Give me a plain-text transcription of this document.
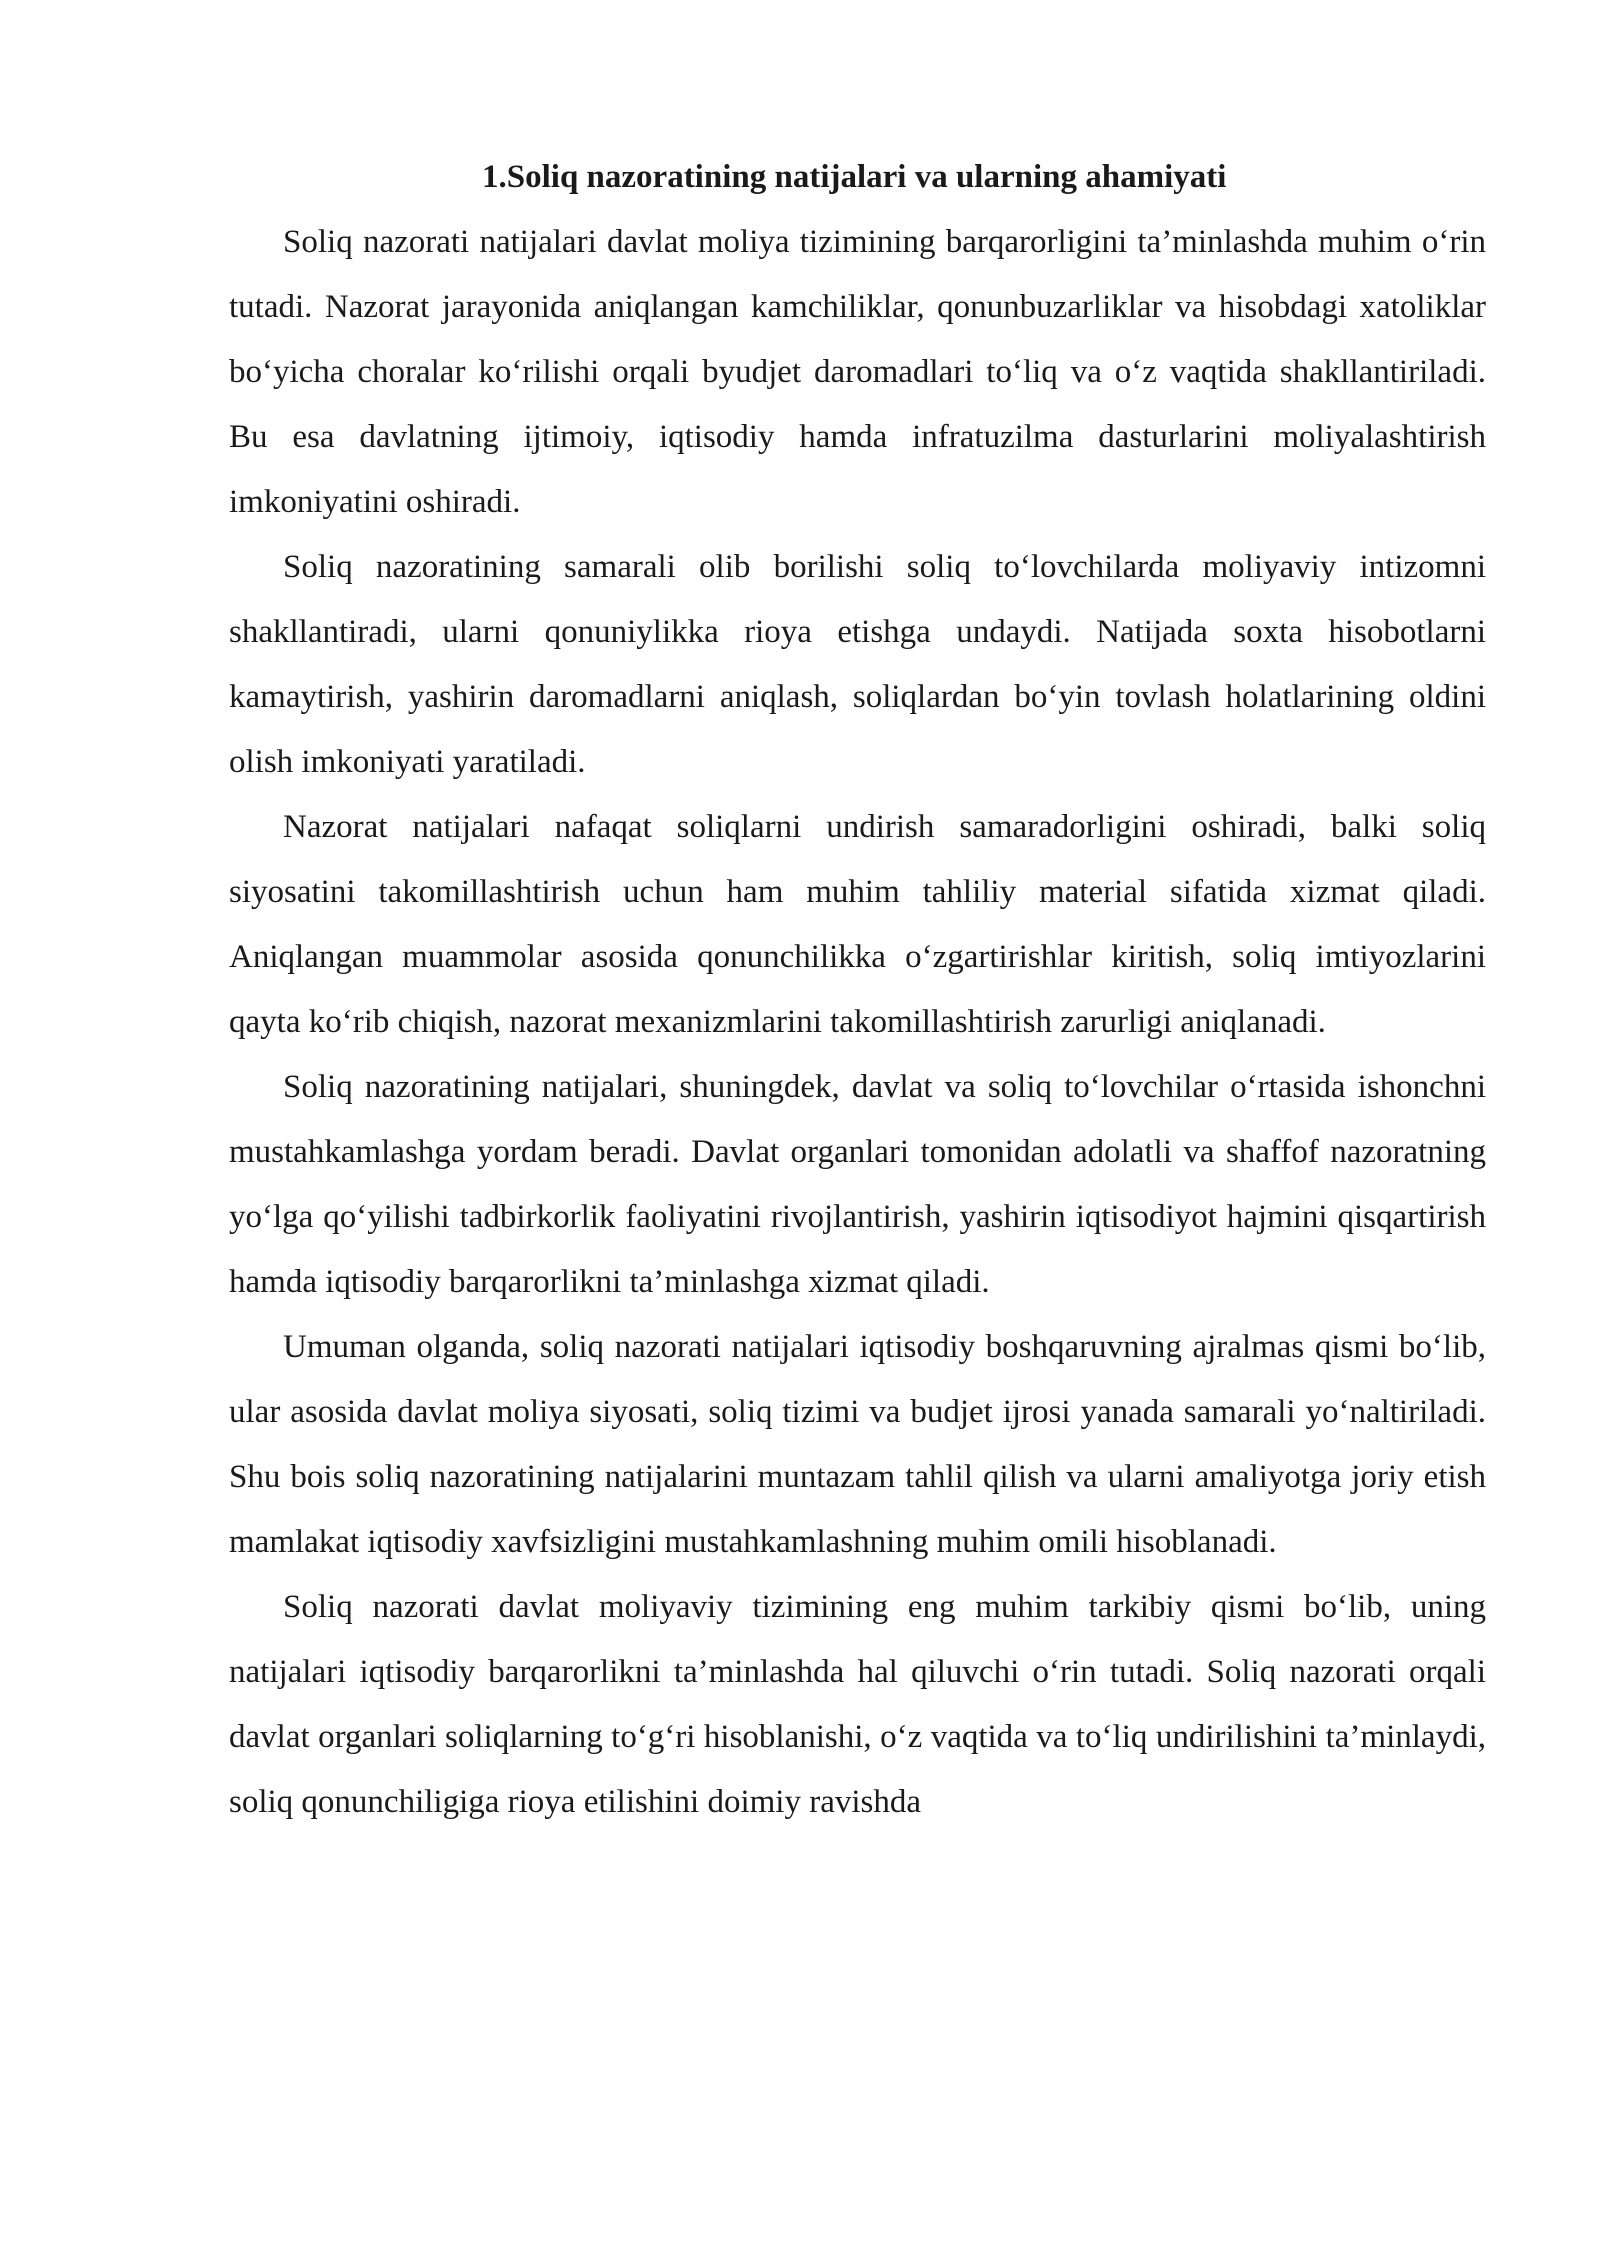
1.Soliq nazoratining natijalari va ularning ahamiyati

Soliq nazorati natijalari davlat moliya tizimining barqarorligini ta’minlashda muhim o‘rin tutadi. Nazorat jarayonida aniqlangan kamchiliklar, qonunbuzarliklar va hisobdagi xatoliklar bo‘yicha choralar ko‘rilishi orqali byudjet daromadlari to‘liq va o‘z vaqtida shakllantiriladi. Bu esa davlatning ijtimoiy, iqtisodiy hamda infratuzilma dasturlarini moliyalashtirish imkoniyatini oshiradi.

Soliq nazoratining samarali olib borilishi soliq to‘lovchilarda moliyaviy intizomni shakllantiradi, ularni qonuniylikka rioya etishga undaydi. Natijada soxta hisobotlarni kamaytirish, yashirin daromadlarni aniqlash, soliqlardan bo‘yin tovlash holatlarining oldini olish imkoniyati yaratiladi.

Nazorat natijalari nafaqat soliqlarni undirish samaradorligini oshiradi, balki soliq siyosatini takomillashtirish uchun ham muhim tahliliy material sifatida xizmat qiladi. Aniqlangan muammolar asosida qonunchilikka o‘zgartirishlar kiritish, soliq imtiyozlarini qayta ko‘rib chiqish, nazorat mexanizmlarini takomillashtirish zarurligi aniqlanadi.

Soliq nazoratining natijalari, shuningdek, davlat va soliq to‘lovchilar o‘rtasida ishonchni mustahkamlashga yordam beradi. Davlat organlari tomonidan adolatli va shaffof nazoratning yo‘lga qo‘yilishi tadbirkorlik faoliyatini rivojlantirish, yashirin iqtisodiyot hajmini qisqartirish hamda iqtisodiy barqarorlikni ta’minlashga xizmat qiladi.

Umuman olganda, soliq nazorati natijalari iqtisodiy boshqaruvning ajralmas qismi bo‘lib, ular asosida davlat moliya siyosati, soliq tizimi va budjet ijrosi yanada samarali yo‘naltiriladi. Shu bois soliq nazoratining natijalarini muntazam tahlil qilish va ularni amaliyotga joriy etish mamlakat iqtisodiy xavfsizligini mustahkamlashning muhim omili hisoblanadi.

Soliq nazorati davlat moliyaviy tizimining eng muhim tarkibiy qismi bo‘lib, uning natijalari iqtisodiy barqarorlikni ta’minlashda hal qiluvchi o‘rin tutadi. Soliq nazorati orqali davlat organlari soliqlarning to‘g‘ri hisoblanishi, o‘z vaqtida va to‘liq undirilishini ta’minlaydi, soliq qonunchiligiga rioya etilishini doimiy ravishda
